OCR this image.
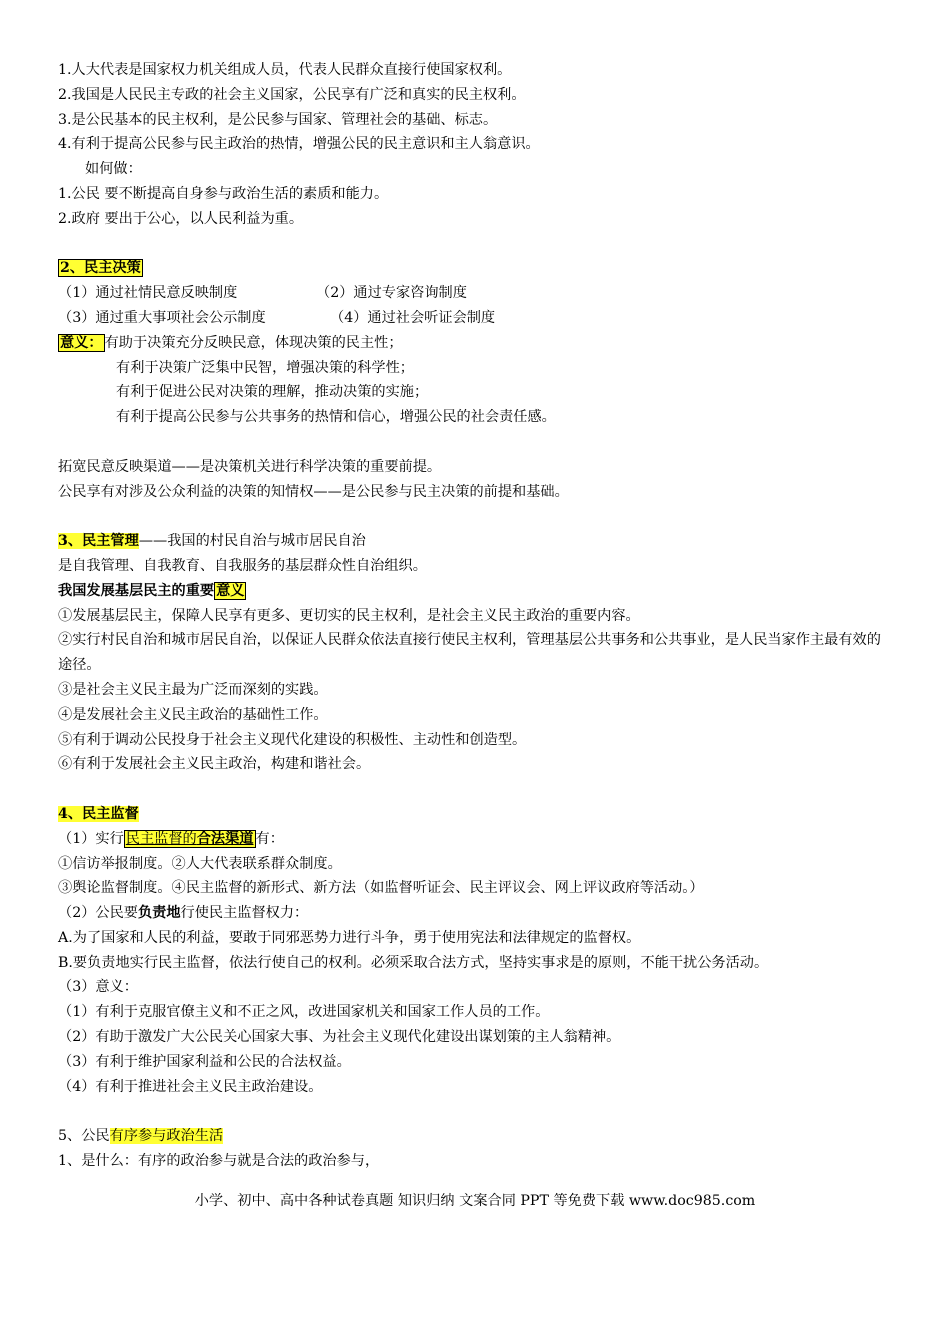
1.人大代表是国家权力机关组成人员，代表人民群众直接行使国家权利。
2.我国是人民民主专政的社会主义国家，公民享有广泛和真实的民主权利。
3.是公民基本的民主权利，是公民参与国家、管理社会的基础、标志。
4.有利于提高公民参与民主政治的热情，增强公民的民主意识和主人翁意识。
如何做：
1.公民 要不断提高自身参与政治生活的素质和能力。
2.政府 要出于公心，以人民利益为重。
2、民主决策
（1）通过社情民意反映制度	（2）通过专家咨询制度
（3）通过重大事项社会公示制度	（4）通过社会听证会制度
意义： 有助于决策充分反映民意，体现决策的民主性；
有利于决策广泛集中民智，增强决策的科学性；
有利于促进公民对决策的理解，推动决策的实施；
有利于提高公民参与公共事务的热情和信心，增强公民的社会责任感。
拓宽民意反映渠道——是决策机关进行科学决策的重要前提。
公民享有对涉及公众利益的决策的知情权——是公民参与民主决策的前提和基础。
3、民主管理——我国的村民自治与城市居民自治
是自我管理、自我教育、自我服务的基层群众性自治组织。
我国发展基层民主的重要 意义
①发展基层民主，保障人民享有更多、更切实的民主权利，是社会主义民主政治的重要内容。
②实行村民自治和城市居民自治，以保证人民群众依法直接行使民主权利，管理基层公共事务和公共事业，是人民当家作主最有效的途径。
③是社会主义民主最为广泛而深刻的实践。
④是发展社会主义民主政治的基础性工作。
⑤有利于调动公民投身于社会主义现代化建设的积极性、主动性和创造型。
⑥有利于发展社会主义民主政治，构建和谐社会。
4、民主监督
（1）实行 民主监督的合法渠道 有：
①信访举报制度。②人大代表联系群众制度。
③舆论监督制度。④民主监督的新形式、新方法（如监督听证会、民主评议会、网上评议政府等活动。）
（2）公民要负责地行使民主监督权力：
A.为了国家和人民的利益，要敢于同邪恶势力进行斗争，勇于使用宪法和法律规定的监督权。
B.要负责地实行民主监督，依法行使自己的权利。必须采取合法方式，坚持实事求是的原则，不能干扰公务活动。
（3）意义：
（1）有利于克服官僚主义和不正之风，改进国家机关和国家工作人员的工作。
（2）有助于激发广大公民关心国家大事、为社会主义现代化建设出谋划策的主人翁精神。
（3）有利于维护国家利益和公民的合法权益。
（4）有利于推进社会主义民主政治建设。
5、公民有序参与政治生活
1、是什么：有序的政治参与就是合法的政治参与，
小学、初中、高中各种试卷真题 知识归纳 文案合同 PPT 等免费下载 www.doc985.com
